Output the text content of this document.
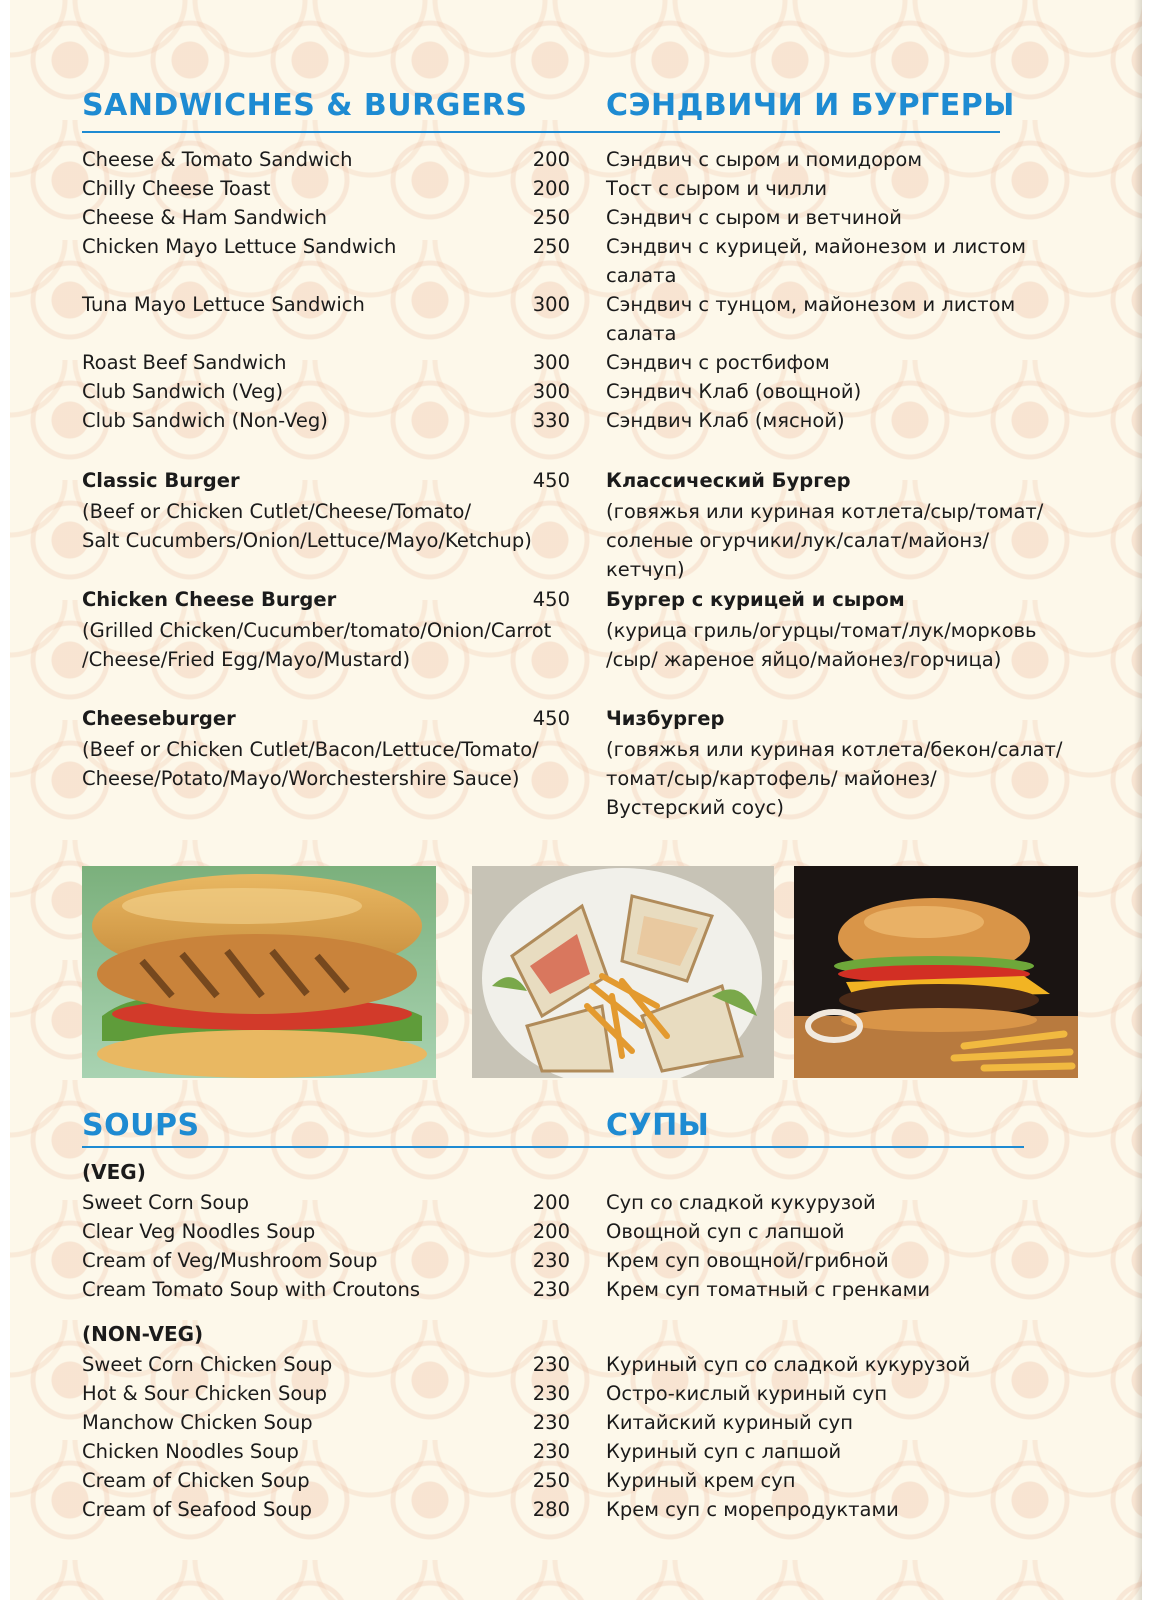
SANDWICHES & BURGERS	СЭНДВИЧИ И БУРГЕРЫ
Cheese & Tomato Sandwich	200 Сэндвич с сыром и помидором
Chilly Cheese Toast	200 Тост с сыром и чилли
Cheese & Ham Sandwich	250 Сэндвич с сыром и ветчиной
Chicken Mayo Lettuce Sandwich	250 Сэндвич с курицей, майонезом и листом
салата
Tuna Mayo Lettuce Sandwich	300 Сэндвич с тунцом, майонезом и листом
салата
Roast Beef Sandwich	300 Сэндвич с ростбифом
Club Sandwich (Veg)	300 Сэндвич Клаб (овощной)
Club Sandwich (Non-Veg)	330 Сэндвич Клаб (мясной)
Classic Burger	450 Классический Бургер
(Beef or Chicken Cutlet/Cheese/Tomato/
Salt Cucumbers/Onion/Lettuce/Mayo/Ketchup)
(говяжья или куриная котлета/сыр/томат/
соленые огурчики/лук/салат/майонз/
кетчуп)
Chicken Cheese Burger	450 Бургер с курицей и сыром
(Grilled Chicken/Cucumber/tomato/Onion/Carrot
/Cheese/Fried Egg/Mayo/Mustard)
(курица гриль/огурцы/томат/лук/морковь
/сыр/ жареное яйцо/майонез/горчица)
Cheeseburger	450 Чизбургер
(Beef or Chicken Cutlet/Bacon/Lettuce/Tomato/
Cheese/Potato/Mayo/Worchestershire Sauce)
(говяжья или куриная котлета/бекон/салат/
томат/сыр/картофель/ майонез/
Вустерский соус)
SOUPS	СУПЫ
(VEG)
Sweet Corn Soup	200 Суп со сладкой кукурузой
Clear Veg Noodles Soup	200 Овощной суп с лапшой
Cream of Veg/Mushroom Soup	230 Крем суп овощной/грибной
Cream Tomato Soup with Croutons	230 Крем суп томатный с гренками
(NON-VEG)
Sweet Corn Chicken Soup	230 Куриный суп со сладкой кукурузой
Hot & Sour Chicken Soup	230 Остро-кислый куриный суп
Manchow Chicken Soup	230 Китайский куриный суп
Chicken Noodles Soup	230 Куриный суп с лапшой
Cream of Chicken Soup	250 Куриный крем суп
Cream of Seafood Soup	280 Крем суп с морепродуктами
